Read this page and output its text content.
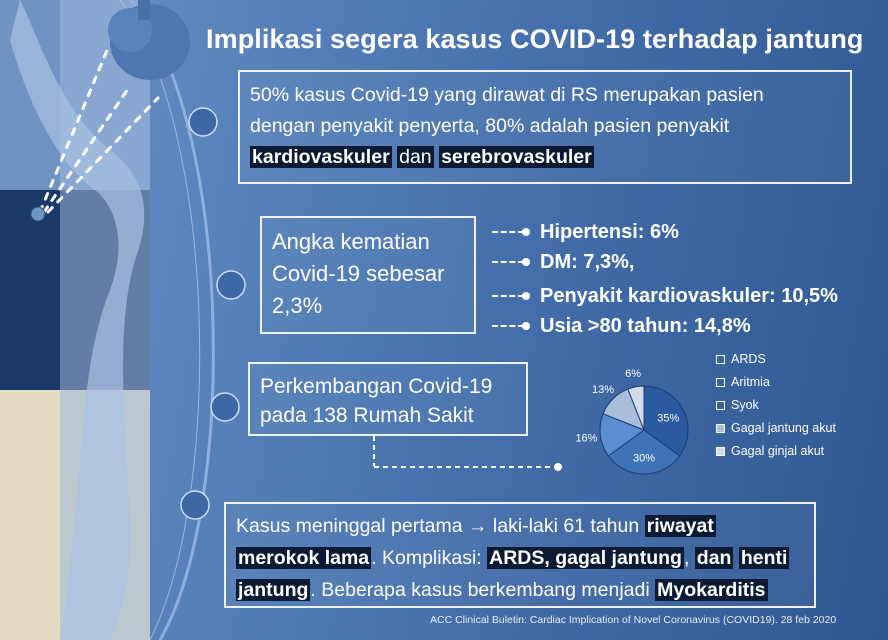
Implikasi segera kasus COVID-19 terhadap jantung
50% kasus Covid-19 yang dirawat di RS merupakan pasien
dengan penyakit penyerta, 80% adalah pasien penyakit
kardiovaskuler dan serebrovaskuler
Angka kematian
Covid-19 sebesar
2,3%
Hipertensi: 6%
DM: 7,3%,
Penyakit kardiovaskuler: 10,5%
Usia >80 tahun: 14,8%
Perkembangan Covid-19
pada 138 Rumah Sakit	35%
30%
16%
13%
6%
ARDS
Aritmia
Syok
Gagal jantung akut
Gagal ginjal akut
Kasus meninggal pertama → laki-laki 61 tahun riwayat
merokok lama . Komplikasi: ARDS, gagal jantung , dan henti
jantung . Beberapa kasus berkembang menjadi Myokarditis
ACC Clinical Buletin: Cardiac Implication of Novel Coronavirus (COVID19). 28 feb 2020
